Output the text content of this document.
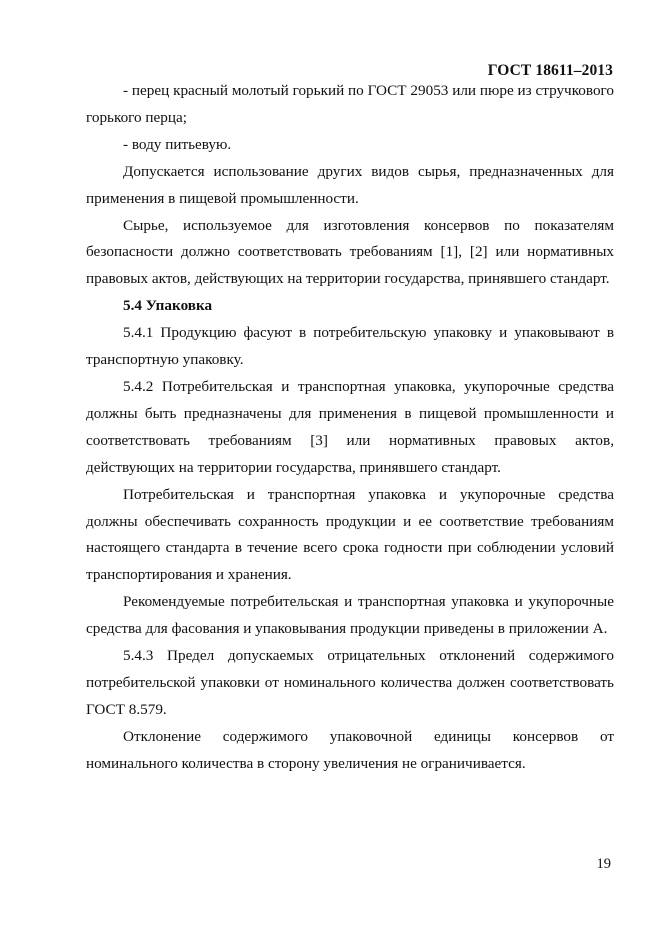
ГОСТ 18611–2013

- перец красный молотый горький по ГОСТ 29053 или пюре из стручкового горького перца;

- воду питьевую.

Допускается использование других видов сырья, предназначенных для применения в пищевой промышленности.

Сырье, используемое для изготовления консервов по показателям безопасности должно соответствовать требованиям [1], [2] или нормативных правовых актов, действующих на территории государства, принявшего стандарт.

5.4 Упаковка

5.4.1 Продукцию фасуют в потребительскую упаковку и упаковывают в транспортную упаковку.

5.4.2 Потребительская и транспортная упаковка, укупорочные средства должны быть предназначены для применения в пищевой промышленности и соответствовать требованиям [3] или нормативных правовых актов, действующих на территории государства, принявшего стандарт.

Потребительская и транспортная упаковка и укупорочные средства должны обеспечивать сохранность продукции и ее соответствие требованиям настоящего стандарта в течение всего срока годности при соблюдении условий транспортирования и хранения.

Рекомендуемые потребительская и транспортная упаковка и укупорочные средства для фасования и упаковывания продукции приведены в приложении А.

5.4.3 Предел допускаемых отрицательных отклонений содержимого потребительской упаковки от номинального количества должен соответствовать ГОСТ 8.579.

Отклонение содержимого упаковочной единицы консервов от номинального количества в сторону увеличения не ограничивается.

19
